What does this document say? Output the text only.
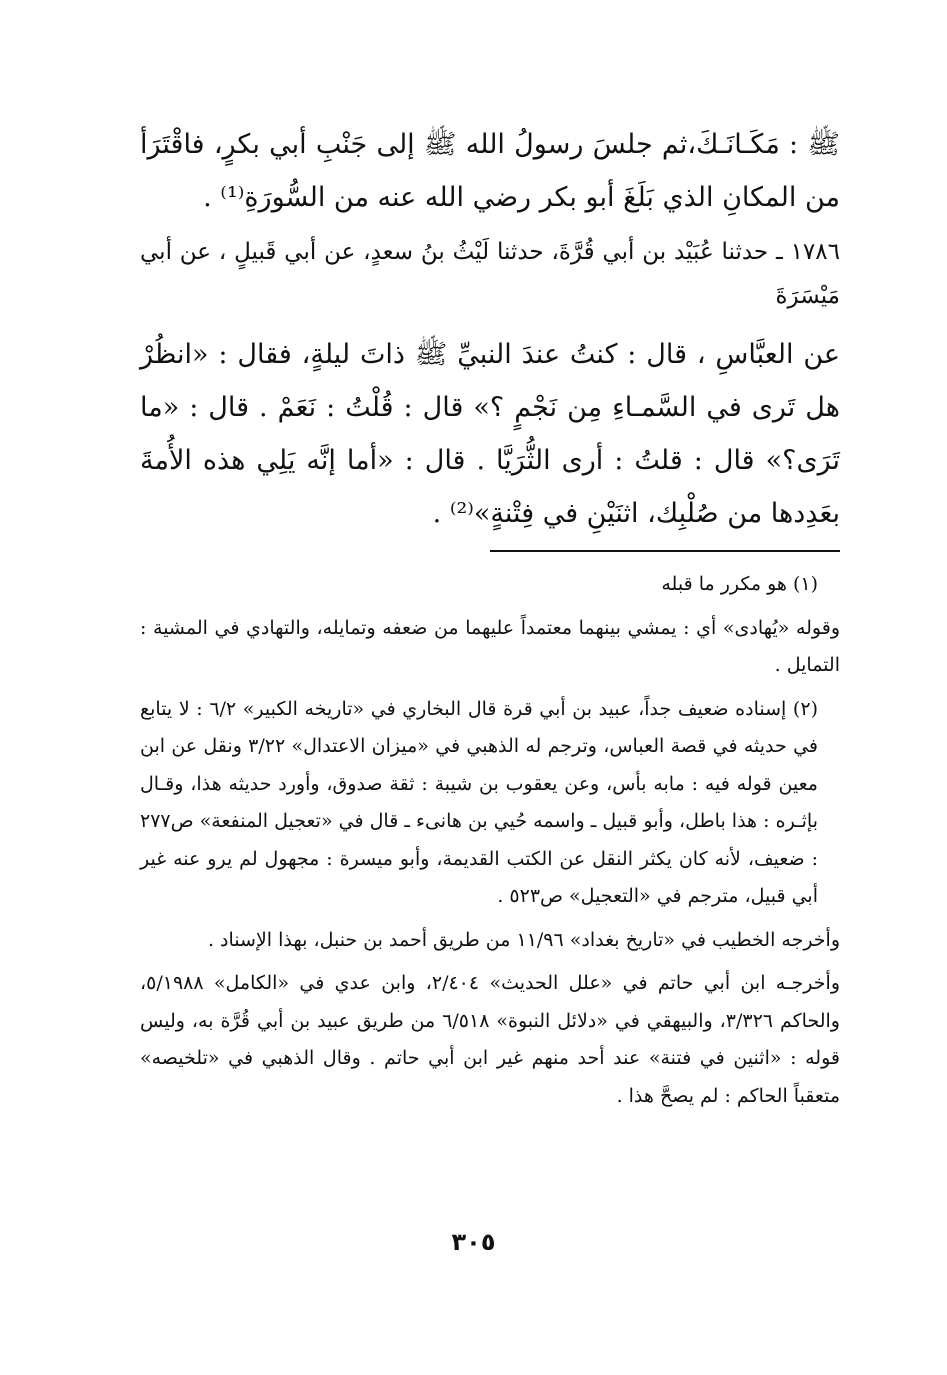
ﷺ : مَكَـانَـكَ،ثم جلسَ رسولُ الله ﷺ إلى جَنْبِ أبي بكرٍ، فاقْتَرَأ من المكانِ الذي بَلَغَ أبو بكر رضي الله عنه من السُّورَةِ⁽¹⁾ .

١٧٨٦ ـ حدثنا عُبَيْد بن أبي قُرَّةَ، حدثنا لَيْثُ بنُ سعدٍ، عن أبي قَبيلٍ ، عن أبي مَيْسَرَةَ

عن العبَّاسِ ، قال : كنتُ عندَ النبيِّ ﷺ ذاتَ ليلةٍ، فقال : «انظُرْ هل تَرى في السَّمـاءِ مِن نَجْمٍ ؟» قال : قُلْتُ : نَعَمْ . قال : «ما تَرَى؟» قال : قلتُ : أرى الثُّرَيَّا . قال : «أما إنَّه يَلِي هذه الأُمةَ بعَدِدها من صُلْبِك، اثنَيْنِ في فِتْنةٍ»⁽²⁾ .

(١) هو مكرر ما قبله

وقوله «يُهادى» أي : يمشي بينهما معتمداً عليهما من ضعفه وتمايله، والتهادي في المشية : التمايل .

(٢) إسناده ضعيف جداً، عبيد بن أبي قرة قال البخاري في «تاريخه الكبير» ٦/٢ : لا يتابع في حديثه في قصة العباس، وترجم له الذهبي في «ميزان الاعتدال» ٣/٢٢ ونقل عن ابن معين قوله فيه : مابه بأس، وعن يعقوب بن شيبة : ثقة صدوق، وأورد حديثه هذا، وقـال بإثـره : هذا باطل، وأبو قبيل ـ واسمه حُيي بن هانىء ـ قال في «تعجيل المنفعة» ص٢٧٧ : ضعيف، لأنه كان يكثر النقل عن الكتب القديمة، وأبو ميسرة : مجهول لم يرو عنه غير أبي قبيل، مترجم في «التعجيل» ص٥٢٣ .

وأخرجه الخطيب في «تاريخ بغداد» ١١/٩٦ من طريق أحمد بن حنبل، بهذا الإسناد .

وأخرجـه ابن أبي حاتم في «علل الحديث» ٢/٤٠٤، وابن عدي في «الكامل» ٥/١٩٨٨، والحاكم ٣/٣٢٦، والبيهقي في «دلائل النبوة» ٦/٥١٨ من طريق عبيد بن أبي قُرَّة به، وليس قوله : «اثنين في فتنة» عند أحد منهم غير ابن أبي حاتم . وقال الذهبي في «تلخيصه» متعقباً الحاكم : لم يصحَّ هذا .

٣٠٥
